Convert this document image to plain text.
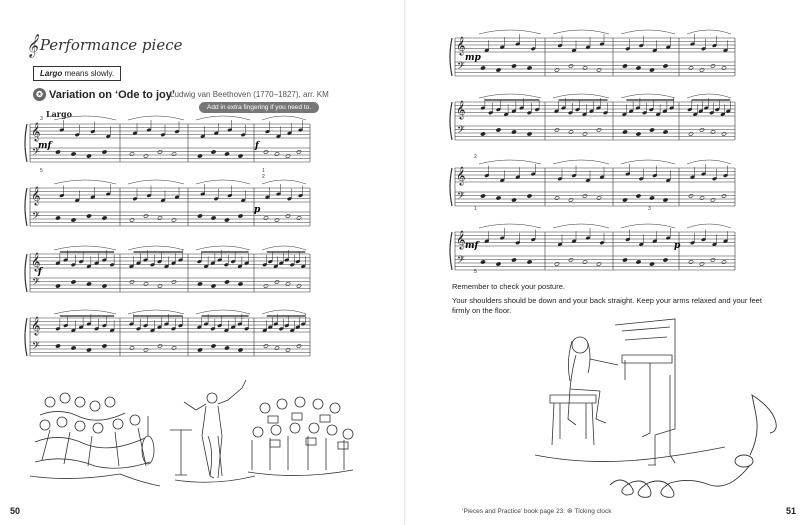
𝄞 Performance piece
Largo means slowly.
✪ Variation on ‘Ode to joy’
Ludwig van Beethoven (1770–1827), arr. KM
Add in extra fingering if you need to.
Largo
𝄞
𝄢
𝄞
𝄢
𝄞
𝄢
𝄞
𝄢
3
mf	f
5	1
2
p
f
𝄞
𝄢
𝄞
𝄢
𝄞
𝄢
𝄞
𝄢
mp
2
1	3
mf	p
5
Remember to check your posture.
Your shoulders should be down and your back straight. Keep your arms relaxed and your feet firmly on the floor.
50	‘Pieces and Practice’ book page 23: ⊛ Ticking clock	51
